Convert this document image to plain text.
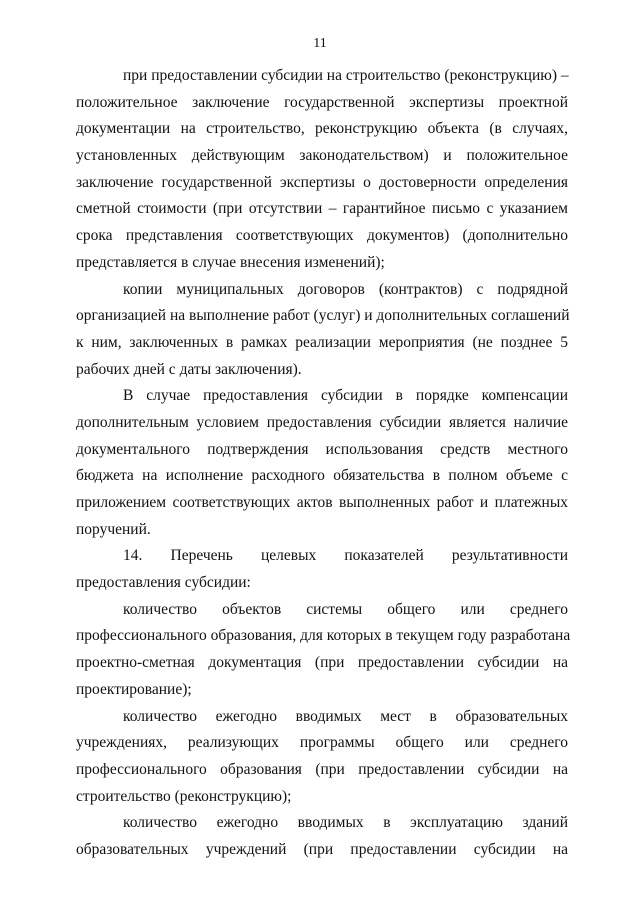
11
при предоставлении субсидии на строительство (реконструкцию) –
положительное заключение государственной экспертизы проектной
документации на строительство, реконструкцию объекта (в случаях,
установленных действующим законодательством) и положительное
заключение государственной экспертизы о достоверности определения
сметной стоимости (при отсутствии – гарантийное письмо с указанием
срока представления соответствующих документов) (дополнительно
представляется в случае внесения изменений);
копии муниципальных договоров (контрактов) с подрядной
организацией на выполнение работ (услуг) и дополнительных соглашений
к ним, заключенных в рамках реализации мероприятия (не позднее 5
рабочих дней с даты заключения).
В случае предоставления субсидии в порядке компенсации
дополнительным условием предоставления субсидии является наличие
документального подтверждения использования средств местного
бюджета на исполнение расходного обязательства в полном объеме с
приложением соответствующих актов выполненных работ и платежных
поручений.
14. Перечень целевых показателей результативности
предоставления субсидии:
количество объектов системы общего или среднего
профессионального образования, для которых в текущем году разработана
проектно-сметная документация (при предоставлении субсидии на
проектирование);
количество ежегодно вводимых мест в образовательных
учреждениях, реализующих программы общего или среднего
профессионального образования (при предоставлении субсидии на
строительство (реконструкцию);
количество ежегодно вводимых в эксплуатацию зданий
образовательных учреждений (при предоставлении субсидии на
